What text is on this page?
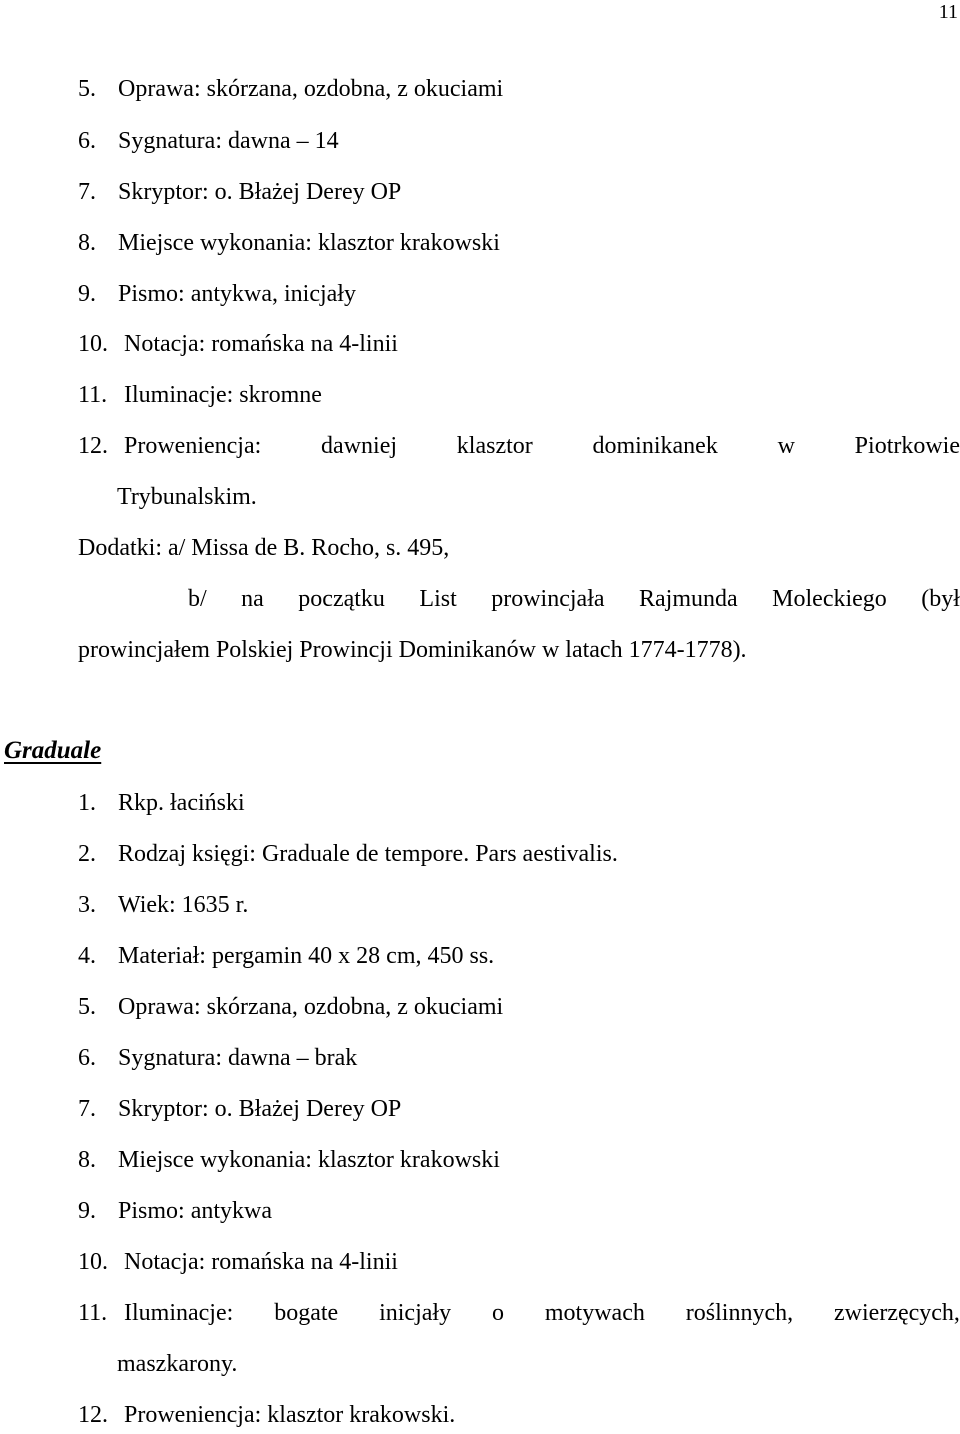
11
5. Oprawa: skórzana, ozdobna, z okuciami
6. Sygnatura: dawna – 14
7. Skryptor: o. Błażej Derey OP
8. Miejsce wykonania: klasztor krakowski
9. Pismo: antykwa, inicjały
10. Notacja: romańska na 4-linii
11. Iluminacje: skromne
12. Proweniencja: dawniej klasztor dominikanek w Piotrkowie
Trybunalskim.
Dodatki: a/ Missa de B. Rocho, s. 495,
b/ na początku List prowincjała Rajmunda Moleckiego (był
prowincjałem Polskiej Prowincji Dominikanów w latach 1774-1778).
Graduale
1. Rkp. łaciński
2. Rodzaj księgi: Graduale de tempore. Pars aestivalis.
3. Wiek: 1635 r.
4. Materiał: pergamin 40 x 28 cm, 450 ss.
5. Oprawa: skórzana, ozdobna, z okuciami
6. Sygnatura: dawna – brak
7. Skryptor: o. Błażej Derey OP
8. Miejsce wykonania: klasztor krakowski
9. Pismo: antykwa
10. Notacja: romańska na 4-linii
11. Iluminacje: bogate inicjały o motywach roślinnych, zwierzęcych,
maszkarony.
12. Proweniencja: klasztor krakowski.
